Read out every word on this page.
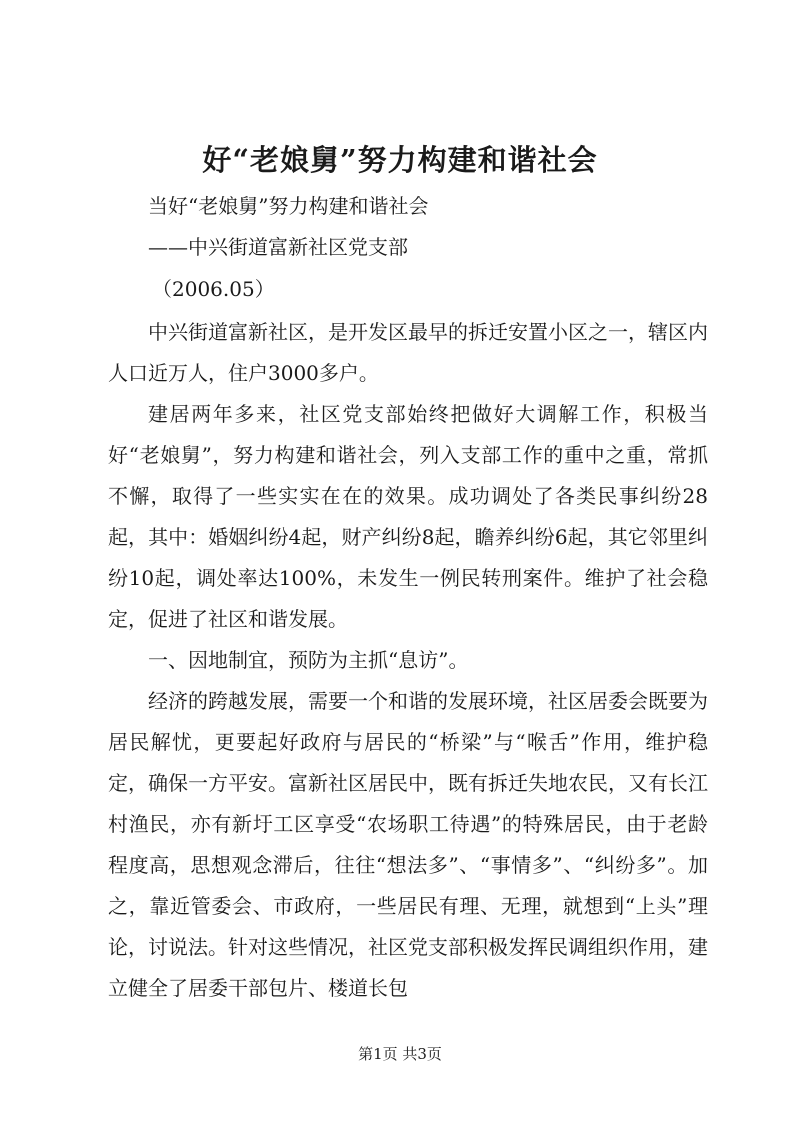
好“老娘舅”努力构建和谐社会

当好“老娘舅”努力构建和谐社会

——中兴街道富新社区党支部

（2006.05）

中兴街道富新社区，是开发区最早的拆迁安置小区之一，辖区内人口近万人，住户3000多户。

建居两年多来，社区党支部始终把做好大调解工作，积极当好“老娘舅”，努力构建和谐社会，列入支部工作的重中之重，常抓不懈，取得了一些实实在在的效果。成功调处了各类民事纠纷28起，其中：婚姻纠纷4起，财产纠纷8起，瞻养纠纷6起，其它邻里纠纷10起，调处率达100%，未发生一例民转刑案件。维护了社会稳定，促进了社区和谐发展。

一、因地制宜，预防为主抓“息访”。

经济的跨越发展，需要一个和谐的发展环境，社区居委会既要为居民解忧，更要起好政府与居民的“桥梁”与“喉舌”作用，维护稳定，确保一方平安。富新社区居民中，既有拆迁失地农民，又有长江村渔民，亦有新圩工区享受“农场职工待遇”的特殊居民，由于老龄程度高，思想观念滞后，往往“想法多”、“事情多”、“纠纷多”。加之，靠近管委会、市政府，一些居民有理、无理，就想到“上头”理论，讨说法。针对这些情况，社区党支部积极发挥民调组织作用，建立健全了居委干部包片、楼道长包

第1页 共3页
